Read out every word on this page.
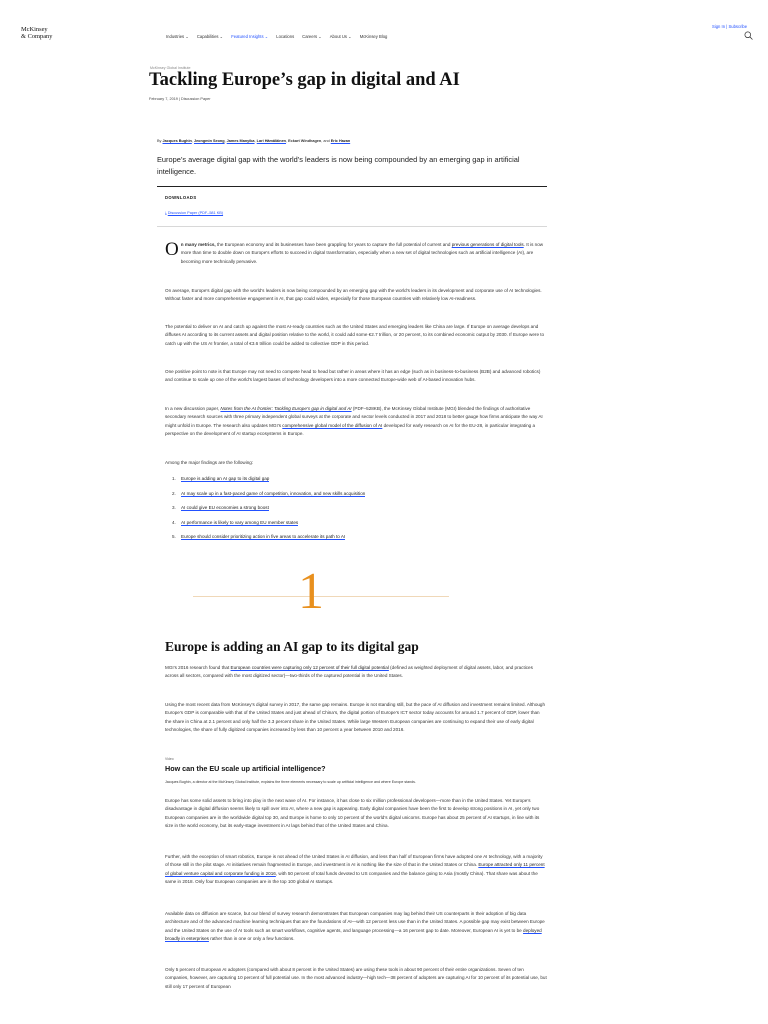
McKinsey
& Company	Industries ⌄ Capabilities ⌄ Featured Insights ⌄ Locations Careers ⌄ About Us ⌄ McKinsey Blog
Sign In | Subscribe
McKinsey Global Institute
Tackling Europe’s gap in digital and AI
February 7, 2019 | Discussion Paper
By Jacques Bughin, Jeongmin Seong, James Manyika, Lari Hämäläinen, Eckart Windhagen, and Eric Hazan
Europe’s average digital gap with the world’s leaders is now being compounded by an emerging gap in artificial intelligence.
DOWNLOADS
⤓ Discussion Paper (PDF–581 KB)

On many metrics, the European economy and its businesses have been grappling for years to capture the full potential of current and previous generations of digital tools. It is now more than time to double down on Europe’s efforts to succeed in digital transformation, especially when a new set of digital technologies such as artificial intelligence (AI), are becoming more technically pervasive.

On average, Europe’s digital gap with the world’s leaders is now being compounded by an emerging gap with the world’s leaders in its development and corporate use of AI technologies. Without faster and more comprehensive engagement in AI, that gap could widen, especially for those European countries with relatively low AI-readiness.

The potential to deliver on AI and catch up against the most AI-ready countries such as the United States and emerging leaders like China are large. If Europe on average develops and diffuses AI according to its current assets and digital position relative to the world, it could add some €2.7 trillion, or 20 percent, to its combined economic output by 2030. If Europe were to catch up with the US AI frontier, a total of €3.6 trillion could be added to collective GDP in this period.

One positive point to note is that Europe may not need to compete head to head but rather in areas where it has an edge (such as in business-to-business (B2B) and advanced robotics) and continue to scale up one of the world’s largest bases of technology developers into a more connected Europe-wide web of AI-based innovation hubs.

In a new discussion paper, Notes from the AI frontier: Tackling Europe’s gap in digital and AI (PDF–528KB), the McKinsey Global Institute (MGI) blended the findings of authoritative secondary research sources with three primary independent global surveys at the corporate and sector levels conducted in 2017 and 2018 to better gauge how firms anticipate the way AI might unfold in Europe. The research also updates MGI’s comprehensive global model of the diffusion of AI developed for early research on AI for the EU-28, in particular integrating a perspective on the development of AI startup ecosystems in Europe.

Among the major findings are the following:

1. Europe is adding an AI gap to its digital gap
2. AI may scale up in a fast-paced game of competition, innovation, and new skills acquisition
3. AI could give EU economies a strong boost
4. AI performance is likely to vary among EU member states
5. Europe should consider prioritizing action in five areas to accelerate its path to AI
1
Europe is adding an AI gap to its digital gap

MGI’s 2016 research found that European countries were capturing only 12 percent of their full digital potential (defined as weighted deployment of digital assets, labor, and practices across all sectors, compared with the most digitized sector)—two-thirds of the captured potential in the United States.

Using the most recent data from McKinsey’s digital survey in 2017, the same gap remains. Europe is not standing still, but the pace of AI diffusion and investment remains limited. Although Europe’s GDP is comparable with that of the United States and just ahead of China’s, the digital portion of Europe’s ICT sector today accounts for around 1.7 percent of GDP, lower than the share in China at 2.1 percent and only half the 3.3 percent share in the United States. While large Western European companies are continuing to expand their use of early digital technologies, the share of fully digitized companies increased by less than 10 percent a year between 2010 and 2016.

Video
How can the EU scale up artificial intelligence?
Jacques Bughin, a director at the McKinsey Global Institute, explains the three elements necessary to scale up artificial intelligence and where Europe stands.

Europe has some solid assets to bring into play in the next wave of AI. For instance, it has close to six million professional developers—more than in the United States. Yet Europe’s disadvantage in digital diffusion seems likely to spill over into AI, where a new gap is appearing. Early digital companies have been the first to develop strong positions in AI, yet only two European companies are in the worldwide digital top 30, and Europe is home to only 10 percent of the world’s digital unicorns. Europe has about 25 percent of AI startups, in line with its size in the world economy, but its early-stage investment in AI lags behind that of the United States and China.

Further, with the exception of smart robotics, Europe is not ahead of the United States in AI diffusion, and less than half of European firms have adopted one AI technology, with a majority of those still in the pilot stage. AI initiatives remain fragmented in Europe, and investment in AI is nothing like the size of that in the United States or China. Europe attracted only 11 percent of global venture capital and corporate funding in 2016, with 50 percent of total funds devoted to US companies and the balance going to Asia (mostly China). That share was about the same in 2018. Only four European companies are in the top 100 global AI startups.

Available data on diffusion are scarce, but our blend of survey research demonstrates that European companies may lag behind their US counterparts in their adoption of big data architecture and of the advanced machine learning techniques that are the foundations of AI—with 12 percent less use than in the United States. A possible gap may exist between Europe and the United States on the use of AI tools such as smart workflows, cognitive agents, and language processing—a 16 percent gap to date. Moreover, European AI is yet to be deployed broadly in enterprises rather than in one or only a few functions.

Only 5 percent of European AI adopters (compared with about 8 percent in the United States) are using these tools in about 90 percent of their entire organizations. Seven of ten companies, however, are capturing 10 percent of full potential use. In the most advanced industry—high tech—38 percent of adopters are capturing AI for 10 percent of its potential use, but still only 17 percent of European
